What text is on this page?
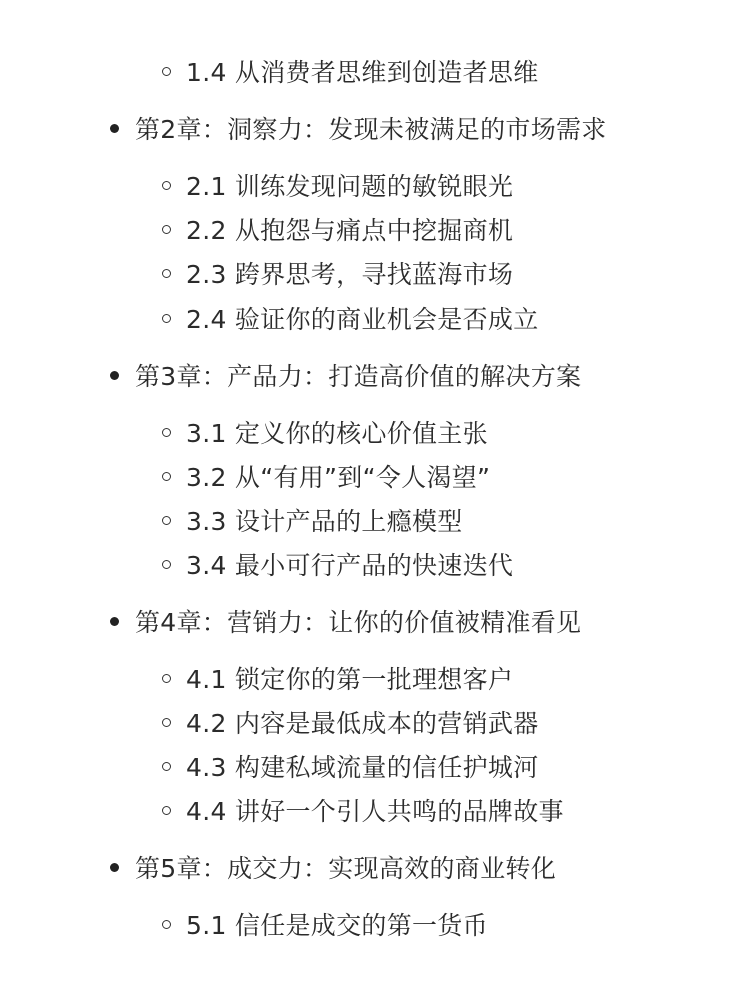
1.4 从消费者思维到创造者思维
第2章：洞察力：发现未被满足的市场需求
2.1 训练发现问题的敏锐眼光
2.2 从抱怨与痛点中挖掘商机
2.3 跨界思考，寻找蓝海市场
2.4 验证你的商业机会是否成立
第3章：产品力：打造高价值的解决方案
3.1 定义你的核心价值主张
3.2 从“有用”到“令人渴望”
3.3 设计产品的上瘾模型
3.4 最小可行产品的快速迭代
第4章：营销力：让你的价值被精准看见
4.1 锁定你的第一批理想客户
4.2 内容是最低成本的营销武器
4.3 构建私域流量的信任护城河
4.4 讲好一个引人共鸣的品牌故事
第5章：成交力：实现高效的商业转化
5.1 信任是成交的第一货币
